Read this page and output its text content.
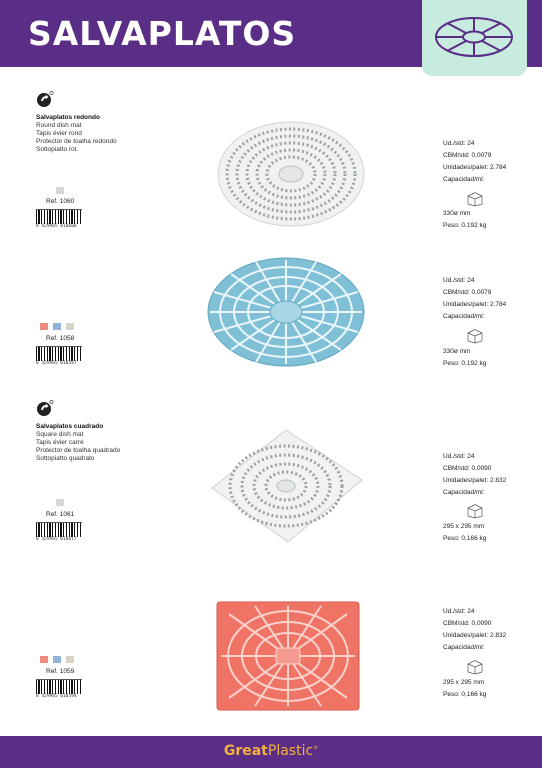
SALVAPLATOS
Salvaplatos redondo
Round dish mat
Tapis évier rond
Protector de toalha redondo
Sottopiatto rot.
Ref. 1060
8 429905 010600
Ud./std: 24
CBM/std: 0,0079
Unidades/palet: 2.784
Capacidad/ml:
330ø mm
Peso: 0,192 kg
Ref. 1058
8 429905 010587
Ud./std: 24
CBM/std: 0,0079
Unidades/palet: 2.784
Capacidad/ml:
330ø mm
Peso: 0,192 kg
Salvaplatos cuadrado
Square dish mat
Tapis évier carré
Protector de toalha quadrado
Sottopiatto quadrato
Ref. 1061
8 429905 010617
Ud./std: 24
CBM/std: 0,0090
Unidades/palet: 2.832
Capacidad/ml:
295 x 295 mm
Peso: 0,166 kg
Ref. 1059
8 429905 010594
Ud./std: 24
CBM/std: 0,0090
Unidades/palet: 2.832
Capacidad/ml:
295 x 295 mm
Peso: 0,166 kg
GreatPlastic®
